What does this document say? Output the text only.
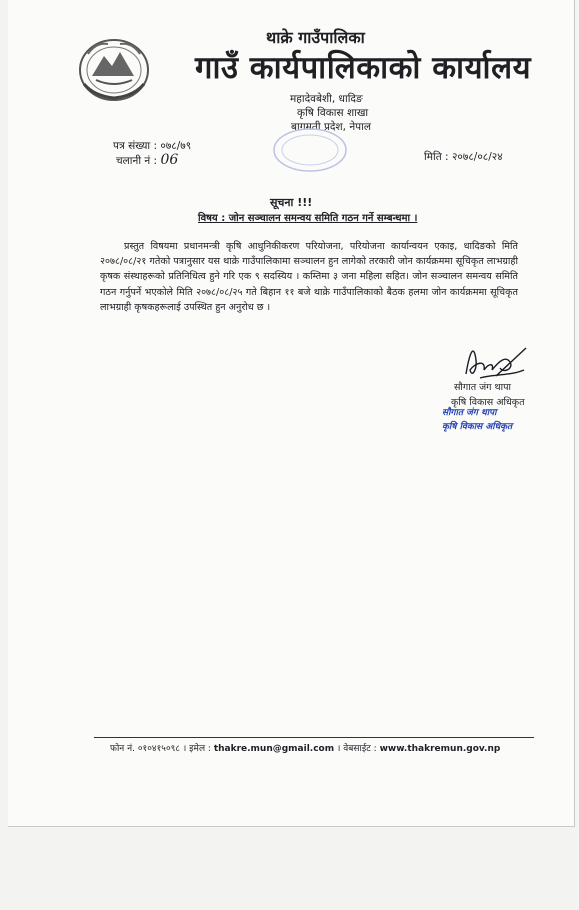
थाक्रे गाउँपालिका
गाउँ कार्यपालिकाको कार्यालय
महादेवबेशी, धादिङ
कृषि विकास शाखा
बागमती प्रदेश, नेपाल
पत्र संख्या : ०७८/७९
चलानी नं : 06	मिति : २०७८/०८/२४
सूचना !!!
विषय : जोन सञ्चालन समन्वय समिति गठन गर्ने सम्बन्धमा ।
प्रस्तुत विषयमा प्रधानमन्त्री कृषि आधुनिकीकरण परियोजना, परियोजना कार्यान्वयन एकाइ, धादिङको मिति २०७८/०८/२१ गतेको पत्रानुसार यस थाक्रे गाउँपालिकामा सञ्चालन हुन लागेको तरकारी जोन कार्यक्रममा सूचिकृत लाभग्राही कृषक संस्थाहरूको प्रतिनिधित्व हुने गरि एक ९ सदस्यिय । कम्तिमा ३ जना महिला सहित। जोन सञ्चालन समन्वय समिति गठन गर्नुपर्ने भएकोले मिति २०७८/०८/२५ गते बिहान ११ बजे थाक्रे गाउँपालिकाको बैठक हलमा जोन कार्यक्रममा सूचिकृत लाभग्राही कृषकहरूलाई उपस्थित हुन अनुरोध छ ।
सौगात जंग थापा
कृषि विकास अधिकृत
सौगात जंग थापा
कृषि विकास अधिकृत
फोन नं. ०१०४१५०९८ । इमेल : thakre.mun@gmail.com । वेबसाईट : www.thakremun.gov.np
